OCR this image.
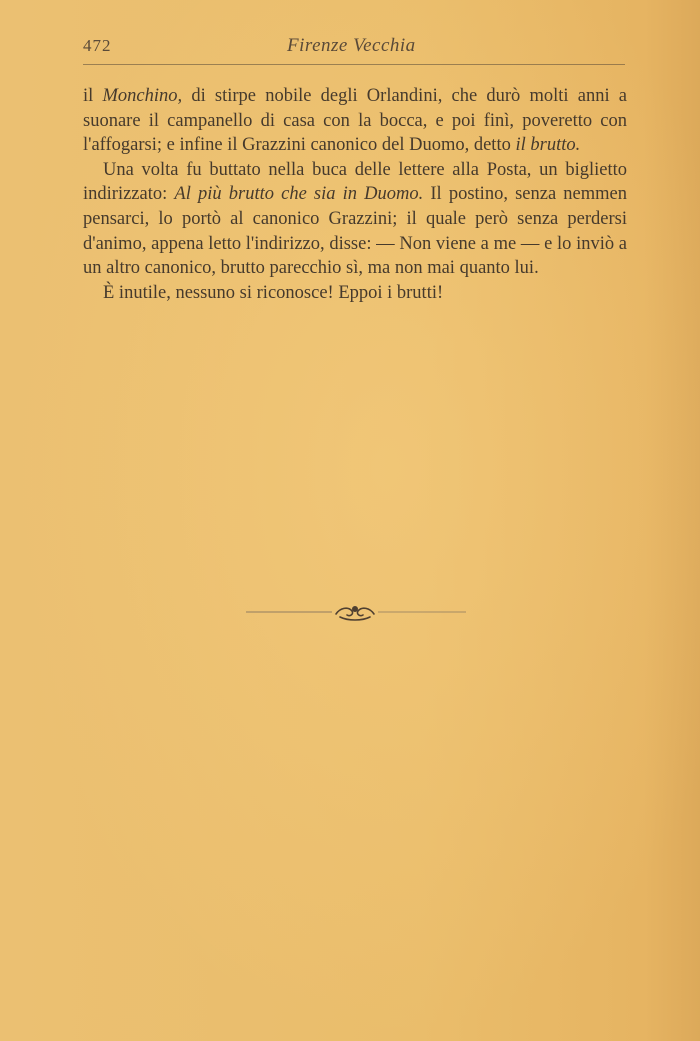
472	Firenze Vecchia

il Monchino, di stirpe nobile degli Orlandini, che durò molti anni a suonare il campanello di casa con la bocca, e poi finì, poveretto con l'affogarsi; e infine il Grazzini canonico del Duomo, detto il brutto.

Una volta fu buttato nella buca delle lettere alla Posta, un biglietto indirizzato: Al più brutto che sia in Duomo. Il postino, senza nemmen pensarci, lo portò al canonico Grazzini; il quale però senza perdersi d'animo, appena letto l'indirizzo, disse: — Non viene a me — e lo inviò a un altro canonico, brutto parecchio sì, ma non mai quanto lui.

È inutile, nessuno si riconosce! Eppoi i brutti!
